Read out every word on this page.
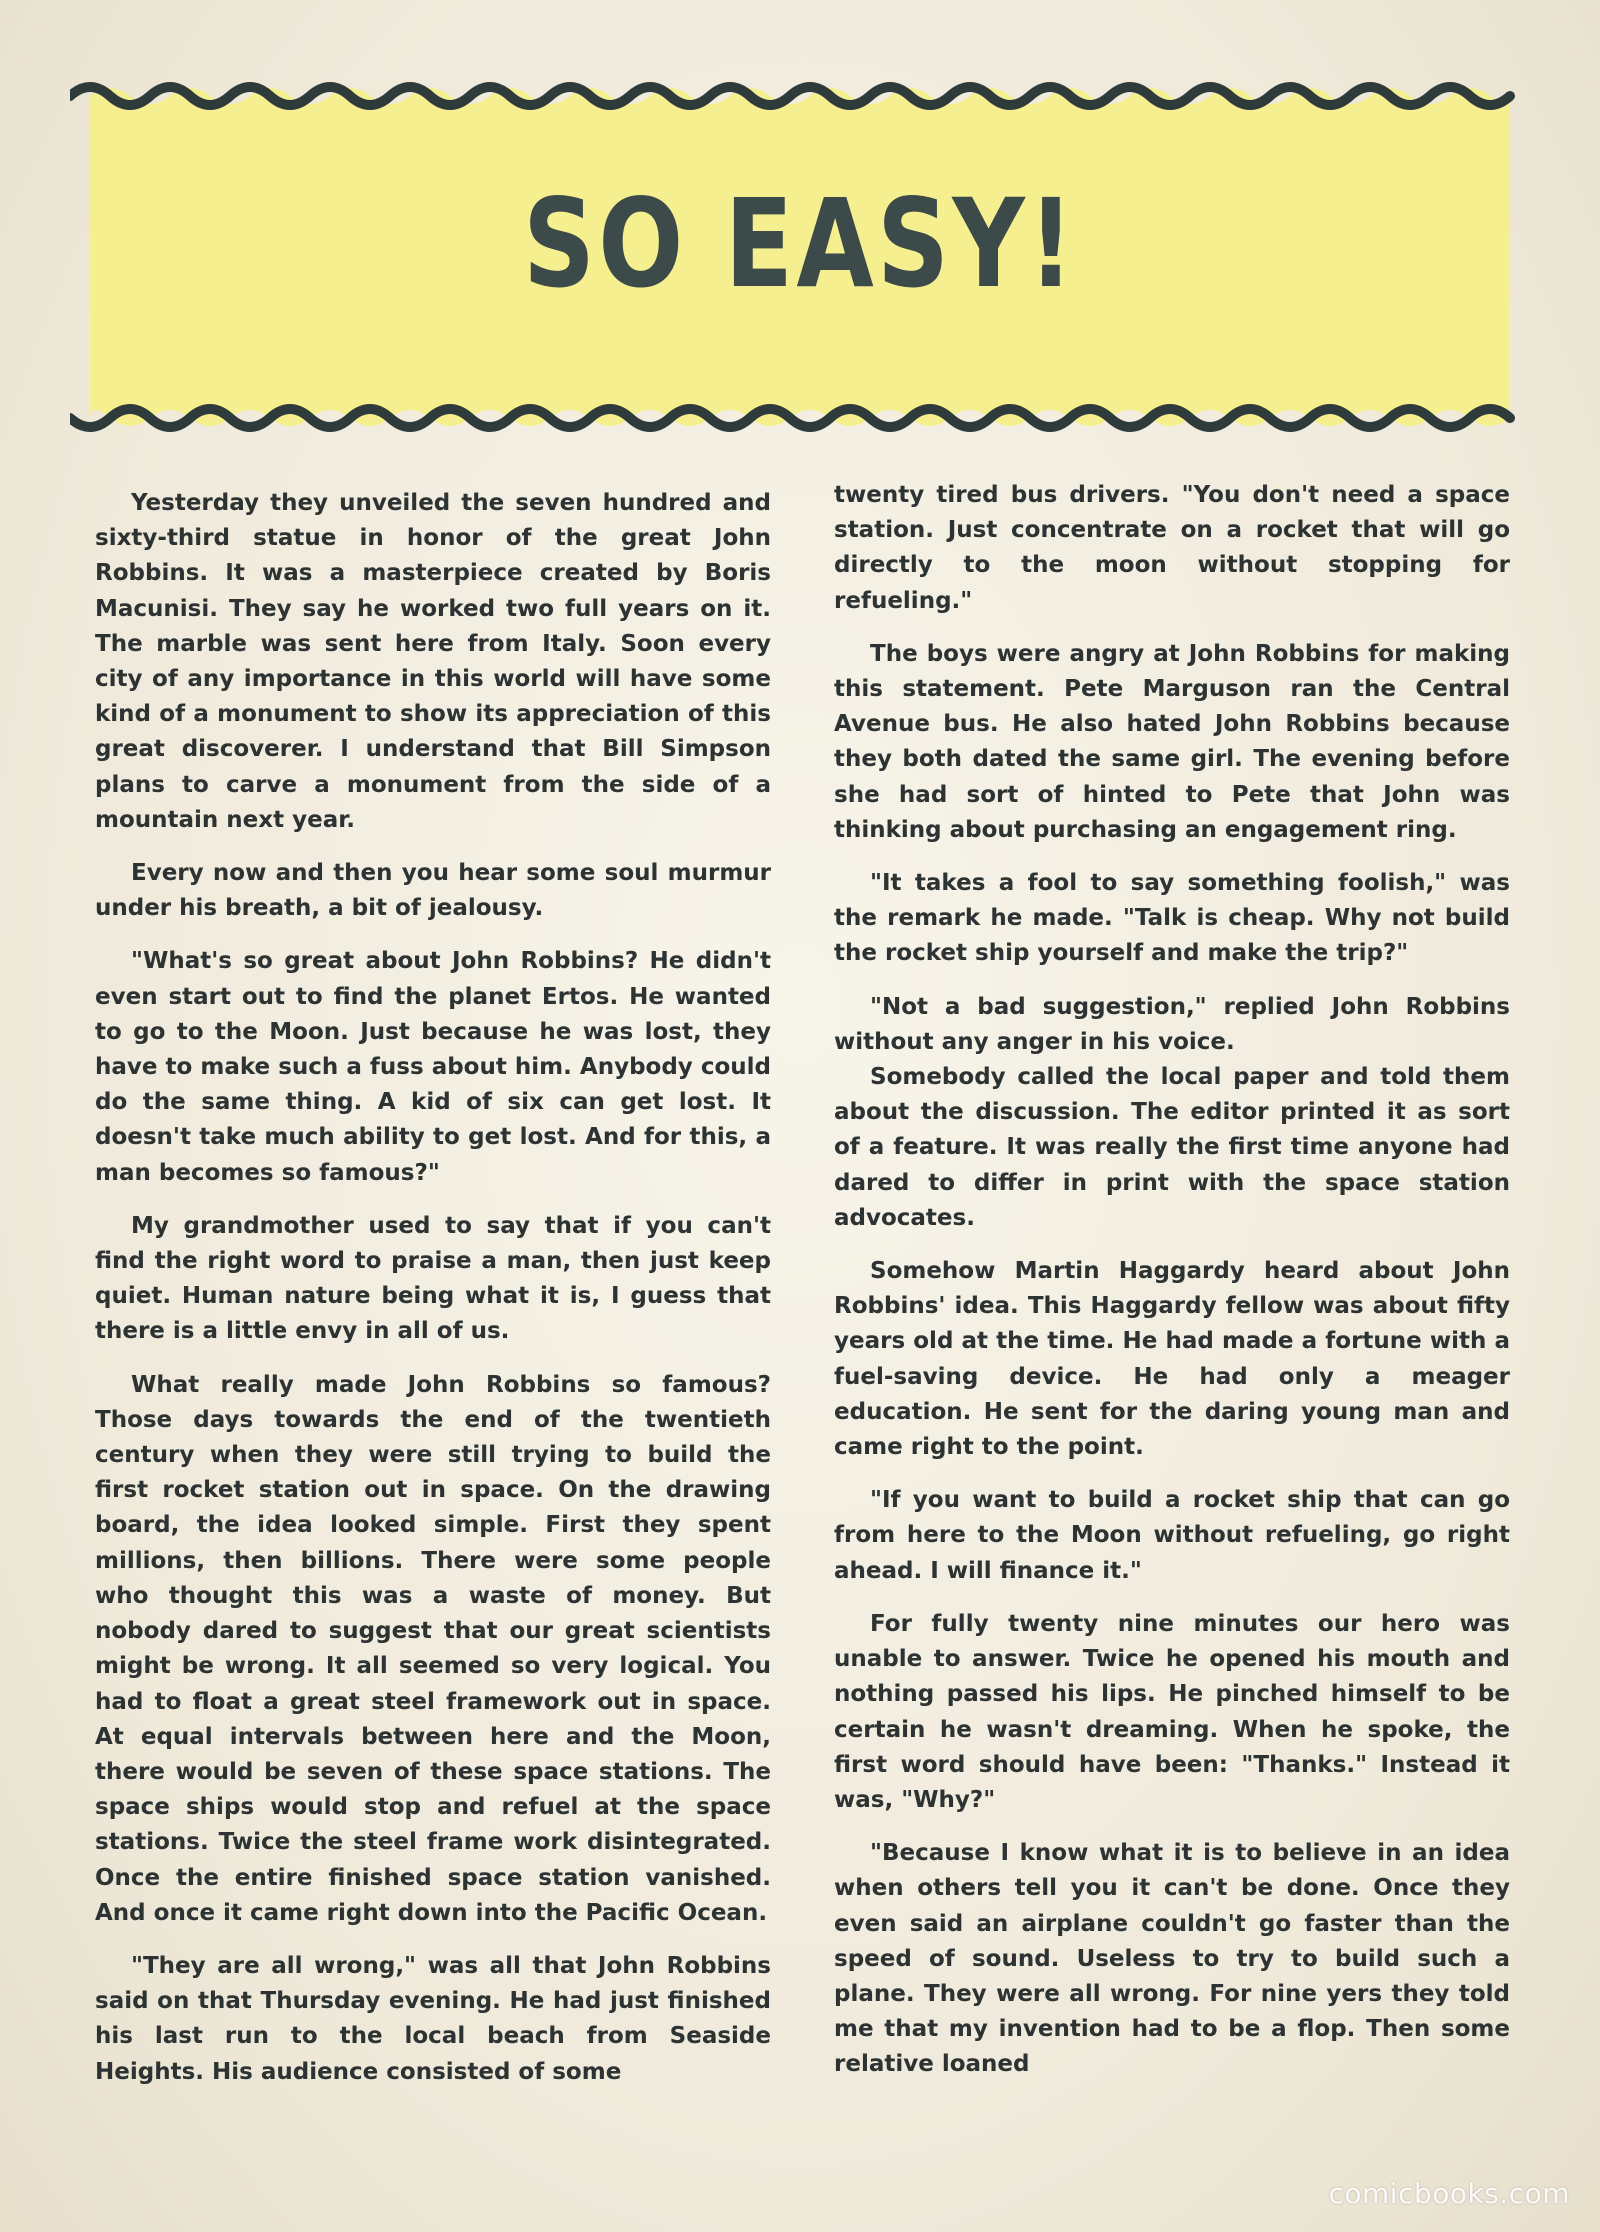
SO EASY!

Yesterday they unveiled the seven hundred and sixty-third statue in honor of the great John Robbins. It was a masterpiece created by Boris Macunisi. They say he worked two full years on it. The marble was sent here from Italy. Soon every city of any importance in this world will have some kind of a monument to show its appreciation of this great discoverer. I understand that Bill Simpson plans to carve a monument from the side of a mountain next year.

Every now and then you hear some soul murmur under his breath, a bit of jealousy.

"What's so great about John Robbins? He didn't even start out to find the planet Ertos. He wanted to go to the Moon. Just because he was lost, they have to make such a fuss about him. Anybody could do the same thing. A kid of six can get lost. It doesn't take much ability to get lost. And for this, a man becomes so famous?"

My grandmother used to say that if you can't find the right word to praise a man, then just keep quiet. Human nature being what it is, I guess that there is a little envy in all of us.

What really made John Robbins so famous? Those days towards the end of the twentieth century when they were still trying to build the first rocket station out in space. On the drawing board, the idea looked simple. First they spent millions, then billions. There were some people who thought this was a waste of money. But nobody dared to suggest that our great scientists might be wrong. It all seemed so very logical. You had to float a great steel framework out in space. At equal intervals between here and the Moon, there would be seven of these space stations. The space ships would stop and refuel at the space stations. Twice the steel frame work disintegrated. Once the entire finished space station vanished. And once it came right down into the Pacific Ocean.

"They are all wrong," was all that John Robbins said on that Thursday evening. He had just finished his last run to the local beach from Seaside Heights. His audience consisted of some

twenty tired bus drivers. "You don't need a space station. Just concentrate on a rocket that will go directly to the moon without stopping for refueling."

The boys were angry at John Robbins for making this statement. Pete Marguson ran the Central Avenue bus. He also hated John Robbins because they both dated the same girl. The evening before she had sort of hinted to Pete that John was thinking about purchasing an engagement ring.

"It takes a fool to say something foolish," was the remark he made. "Talk is cheap. Why not build the rocket ship yourself and make the trip?"

"Not a bad suggestion," replied John Robbins without any anger in his voice.

Somebody called the local paper and told them about the discussion. The editor printed it as sort of a feature. It was really the first time anyone had dared to differ in print with the space station advocates.

Somehow Martin Haggardy heard about John Robbins' idea. This Haggardy fellow was about fifty years old at the time. He had made a fortune with a fuel-saving device. He had only a meager education. He sent for the daring young man and came right to the point.

"If you want to build a rocket ship that can go from here to the Moon without refueling, go right ahead. I will finance it."

For fully twenty nine minutes our hero was unable to answer. Twice he opened his mouth and nothing passed his lips. He pinched himself to be certain he wasn't dreaming. When he spoke, the first word should have been: "Thanks." Instead it was, "Why?"

"Because I know what it is to believe in an idea when others tell you it can't be done. Once they even said an airplane couldn't go faster than the speed of sound. Useless to try to build such a plane. They were all wrong. For nine yers they told me that my invention had to be a flop. Then some relative loaned

comicbooks.com
